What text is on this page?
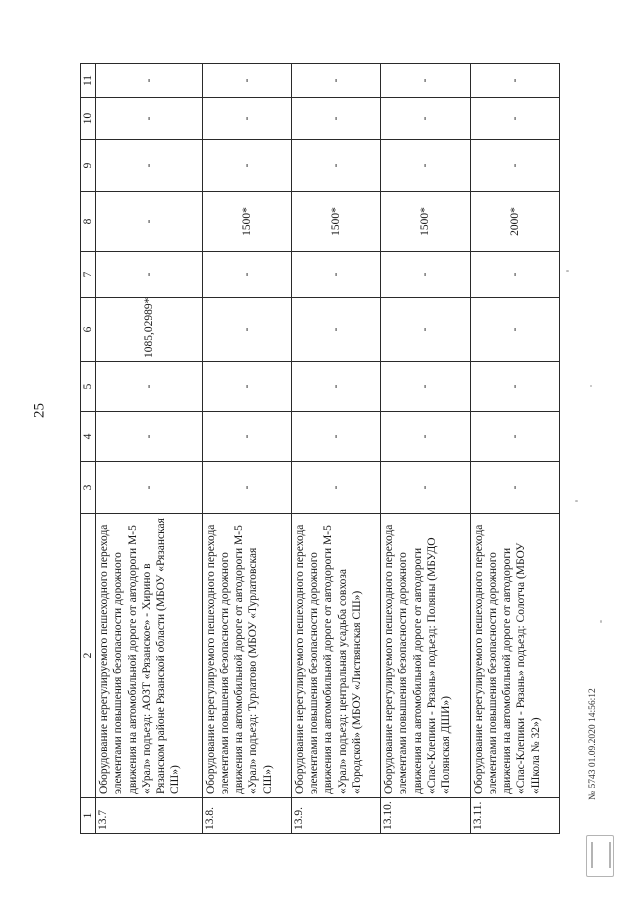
25
1	2	3	4	5	6	7	8	9	10	11
13.7	Оборудование нерегулируемого пешеходного перехода элементами повышения безопасности дорожного движения на автомобильной дороге от автодороги М-5 «Урал» подъезд: АОЗТ «Рязанское» - Хирино в Рязанском районе Рязанской области (МБОУ «Рязанская СШ»)	-	-	-	1085,02989*	-	-	-	-	-
13.8.	Оборудование нерегулируемого пешеходного перехода элементами повышения безопасности дорожного движения на автомобильной дороге от автодороги М-5 «Урал» подъезд: Турлатово (МБОУ «Турлатовская СШ»)	-	-	-	-	-	1500*	-	-	-
13.9.	Оборудование нерегулируемого пешеходного перехода элементами повышения безопасности дорожного движения на автомобильной дороге от автодороги М-5 «Урал» подъезд: центральная усадьба совхоза «Городской» (МБОУ «Листвянская СШ»)	-	-	-	-	-	1500*	-	-	-
13.10.	Оборудование нерегулируемого пешеходного перехода элементами повышения безопасности дорожного движения на автомобильной дороге от автодороги «Спас-Клепики - Рязань» подъезд: Поляны (МБУДО «Полянская ДШИ»)	-	-	-	-	-	1500*	-	-	-
13.11.	Оборудование нерегулируемого пешеходного перехода элементами повышения безопасности дорожного движения на автомобильной дороге от автодороги «Спас-Клепики - Рязань» подъезд: Солотча (МБОУ «Школа № 32»)	-	-	-	-	-	2000*	-	-	-
№ 5743 01.09.2020 14:56:12
